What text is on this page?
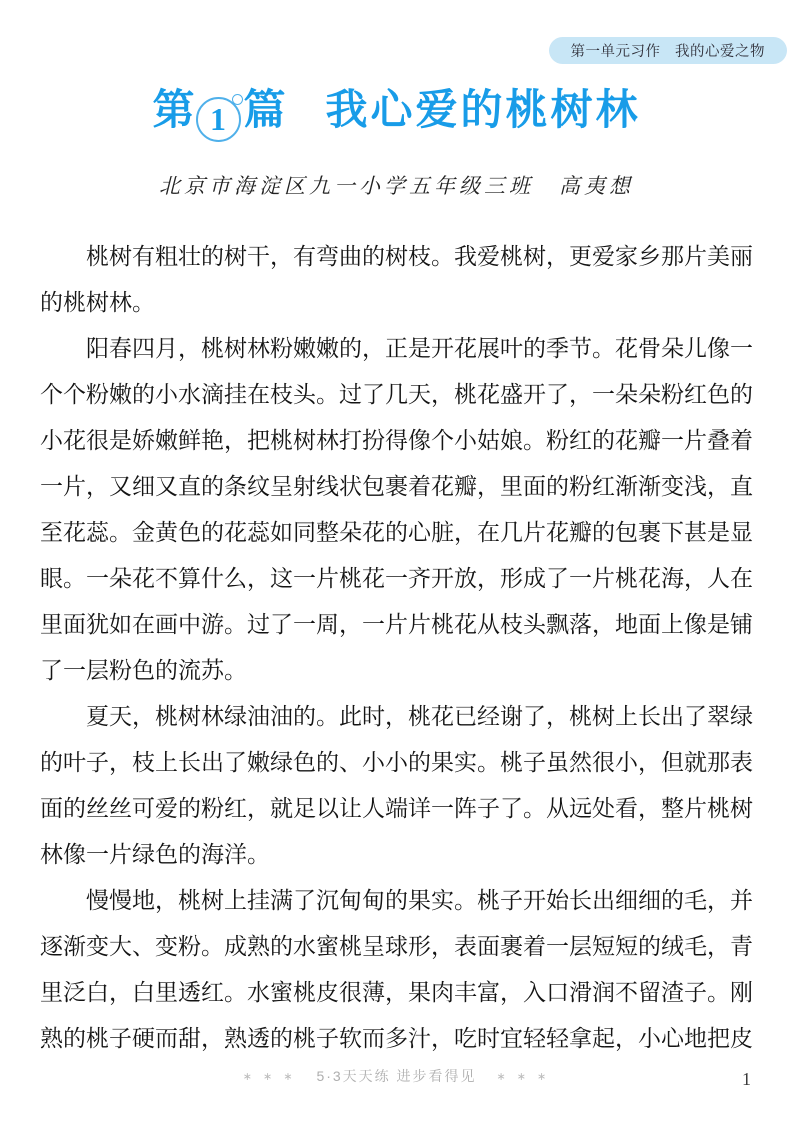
第一单元习作 我的心爱之物
第 1 篇 我心爱的桃树林
北京市海淀区九一小学五年级三班　高夷想

桃树有粗壮的树干，有弯曲的树枝。我爱桃树，更爱家乡那片美丽的桃树林。

阳春四月，桃树林粉嫩嫩的，正是开花展叶的季节。花骨朵儿像一个个粉嫩的小水滴挂在枝头。过了几天，桃花盛开了，一朵朵粉红色的小花很是娇嫩鲜艳，把桃树林打扮得像个小姑娘。粉红的花瓣一片叠着一片，又细又直的条纹呈射线状包裹着花瓣，里面的粉红渐渐变浅，直至花蕊。金黄色的花蕊如同整朵花的心脏，在几片花瓣的包裹下甚是显眼。一朵花不算什么，这一片桃花一齐开放，形成了一片桃花海，人在里面犹如在画中游。过了一周，一片片桃花从枝头飘落，地面上像是铺了一层粉色的流苏。

夏天，桃树林绿油油的。此时，桃花已经谢了，桃树上长出了翠绿的叶子，枝上长出了嫩绿色的、小小的果实。桃子虽然很小，但就那表面的丝丝可爱的粉红，就足以让人端详一阵子了。从远处看，整片桃树林像一片绿色的海洋。

慢慢地，桃树上挂满了沉甸甸的果实。桃子开始长出细细的毛，并逐渐变大、变粉。成熟的水蜜桃呈球形，表面裹着一层短短的绒毛，青里泛白，白里透红。水蜜桃皮很薄，果肉丰富，入口滑润不留渣子。刚熟的桃子硬而甜，熟透的桃子软而多汁，吃时宜轻轻拿起，小心地把皮

∗ ∗ ∗ 5·3天天练 进步看得见 ∗ ∗ ∗	1
